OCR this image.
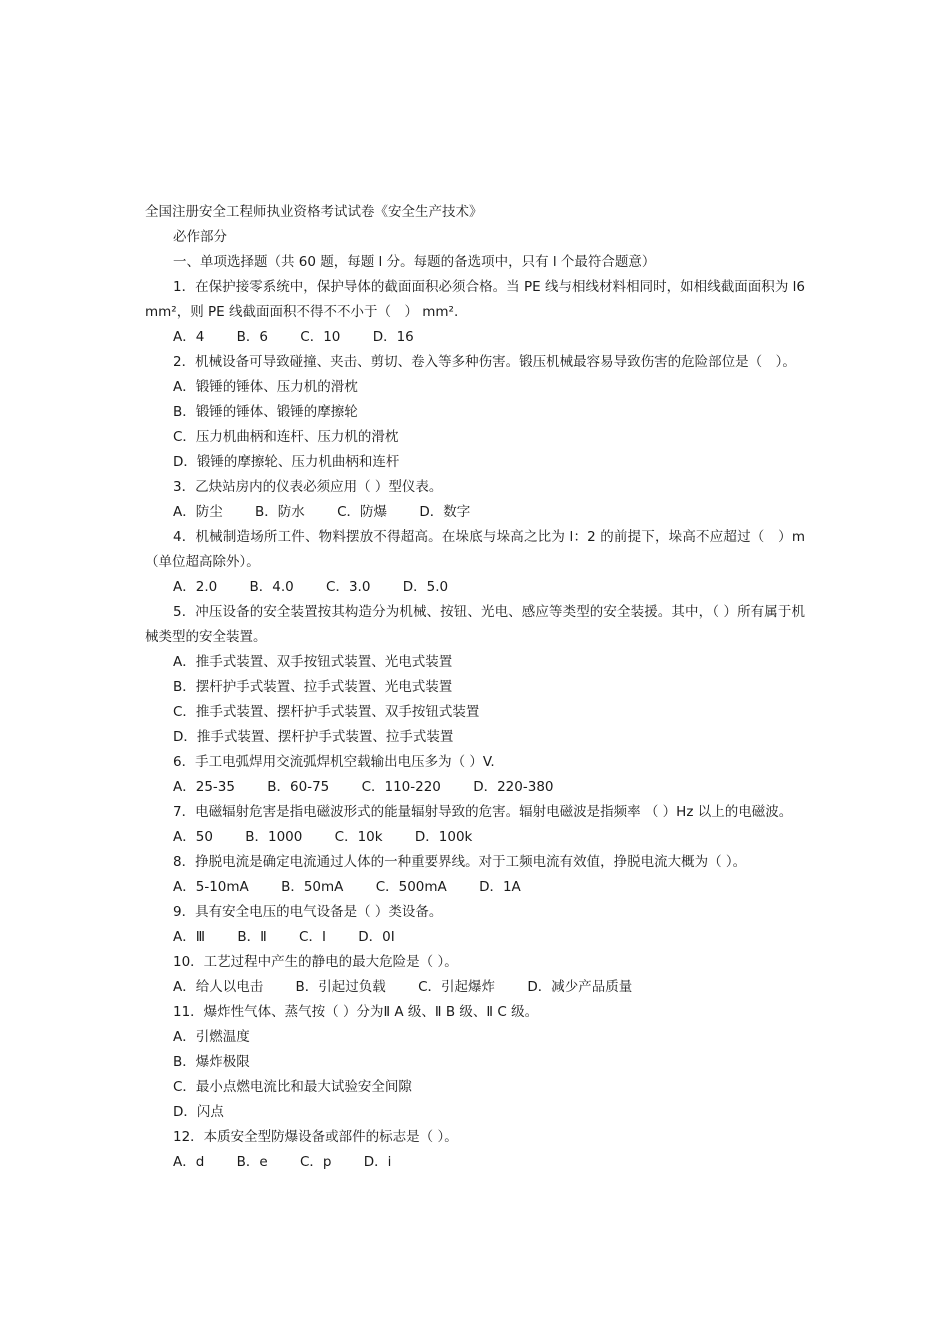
全国注册安全工程师执业资格考试试卷《安全生产技术》
必作部分
一、单项选择题（共 60 题，每题 l 分。每题的备选项中，只有 l 个最符合题意）
1．在保护接零系统中，保护导体的截面面积必须合格。当 PE 线与相线材料相同时，如相线截面面积为 l6 mm²，则 PE 线截面面积不得不不小于（　） mm².
A．4 B．6 C．10 D．16
2．机械设备可导致碰撞、夹击、剪切、卷入等多种伤害。锻压机械最容易导致伤害的危险部位是（　）。
A．锻锤的锤体、压力机的滑枕
B．锻锤的锤体、锻锤的摩擦轮
C．压力机曲柄和连杆、压力机的滑枕
D．锻锤的摩擦轮、压力机曲柄和连杆
3．乙炔站房内的仪表必须应用（ ）型仪表。
A．防尘 B．防水 C．防爆 D．数字
4．机械制造场所工件、物料摆放不得超高。在垛底与垛高之比为 l：2 的前提下，垛高不应超过（　）m（单位超高除外）。
A．2.0 B．4.0 C．3.0 D．5.0
5．冲压设备的安全装置按其构造分为机械、按钮、光电、感应等类型的安全装援。其中，（ ）所有属于机械类型的安全装置。
A．推手式装置、双手按钮式装置、光电式装置
B．摆杆护手式装置、拉手式装置、光电式装置
C．推手式装置、摆杆护手式装置、双手按钮式装置
D．推手式装置、摆杆护手式装置、拉手式装置
6．手工电弧焊用交流弧焊机空载输出电压多为（ ）V.
A．25-35 B．60-75 C．110-220 D．220-380
7．电磁辐射危害是指电磁波形式的能量辐射导致的危害。辐射电磁波是指频率 （ ）Hz 以上的电磁波。
A．50 B．1000 C．10k D．100k
8．挣脱电流是确定电流通过人体的一种重要界线。对于工频电流有效值，挣脱电流大概为（ ）。
A．5-10mA B．50mA C．500mA D．1A
9．具有安全电压的电气设备是（ ）类设备。
A．Ⅲ B．Ⅱ C．I D．0I
10．工艺过程中产生的静电的最大危险是（ ）。
A．给人以电击 B．引起过负载 C．引起爆炸 D．减少产品质量
11．爆炸性气体、蒸气按（ ）分为Ⅱ A 级、Ⅱ B 级、Ⅱ C 级。
A．引燃温度
B．爆炸极限
C．最小点燃电流比和最大试验安全间隙
D．闪点
12．本质安全型防爆设备或部件的标志是（ ）。
A．d B．e C．p D．i
